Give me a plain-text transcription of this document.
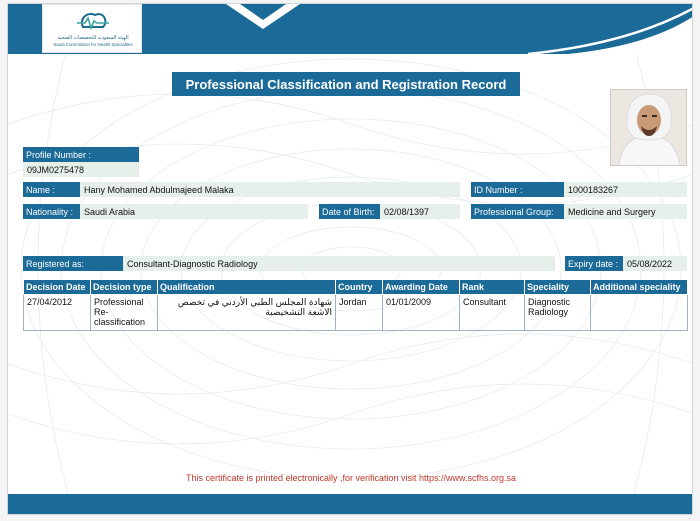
الهيئة السعودية للتخصصات الصحية
Saudi Commission for Health Specialties
Professional Classification and Registration Record
Profile Number :
09JM0275478
Name :	Hany Mohamed Abdulmajeed Malaka	ID Number :	1000183267
Nationality :	Saudi Arabia	Date of Birth:	02/08/1397	Professional Group:	Medicine and Surgery
Registered as:	Consultant-Diagnostic Radiology	Expiry date : 05/08/2022
Decision Date	Decision type	Qualification	Country	Awarding Date	Rank	Speciality	Additional speciality
27/04/2012	Professional Re-classification	شهادة المجلس الطبي الأردني في تخصص الاشعة التشخيصية	Jordan	01/01/2009	Consultant	Diagnostic Radiology	
This certificate is printed electronically ,for verification visit https://www.scfhs.org.sa
